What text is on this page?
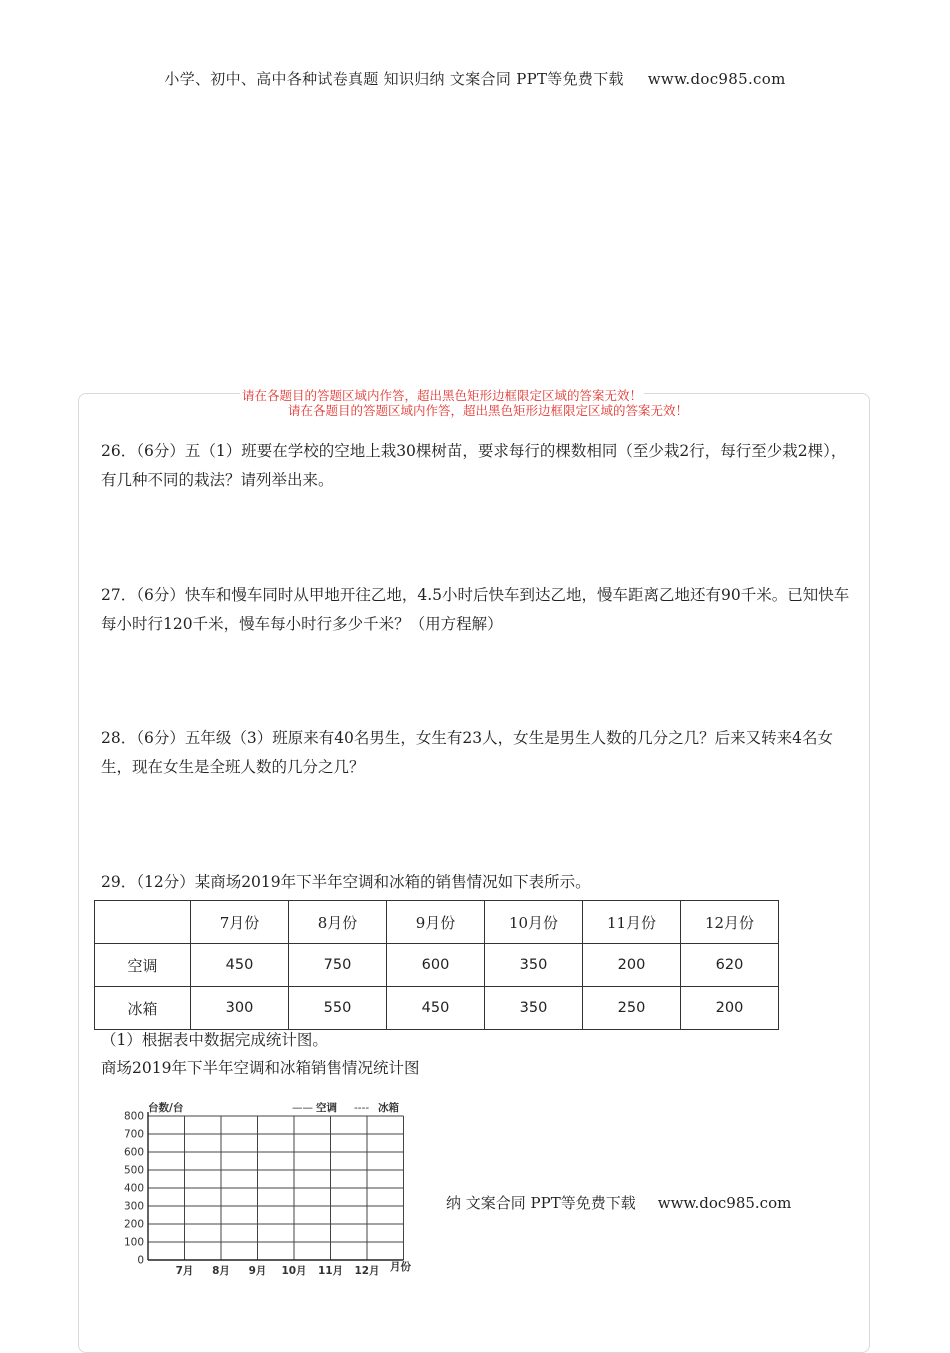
小学、初中、高中各种试卷真题 知识归纳 文案合同 PPT等免费下载 www.doc985.com
请在各题目的答题区域内作答，超出黑色矩形边框限定区域的答案无效！
请在各题目的答题区域内作答，超出黑色矩形边框限定区域的答案无效！
26．（6分）五（1）班要在学校的空地上栽30棵树苗，要求每行的棵数相同（至少栽2行，每行至少栽2棵），有几种不同的栽法？请列举出来。
27．（6分）快车和慢车同时从甲地开往乙地，4.5小时后快车到达乙地，慢车距离乙地还有90千米。已知快车每小时行120千米，慢车每小时行多少千米？（用方程解）
28．（6分）五年级（3）班原来有40名男生，女生有23人，女生是男生人数的几分之几？后来又转来4名女生，现在女生是全班人数的几分之几？
29．（12分）某商场2019年下半年空调和冰箱的销售情况如下表所示。
	7月份	8月份	9月份	10月份	11月份	12月份
空调	450	750	600	350	200	620
冰箱	300	550	450	350	250	200
（1）根据表中数据完成统计图。
商场2019年下半年空调和冰箱销售情况统计图
800
700
600
500
400
300
200
100
0
7月 8月 9月 10月 11月 12月
台数/台
月份
—— 空调 ---- 冰箱
纳 文案合同 PPT等免费下载 www.doc985.com
